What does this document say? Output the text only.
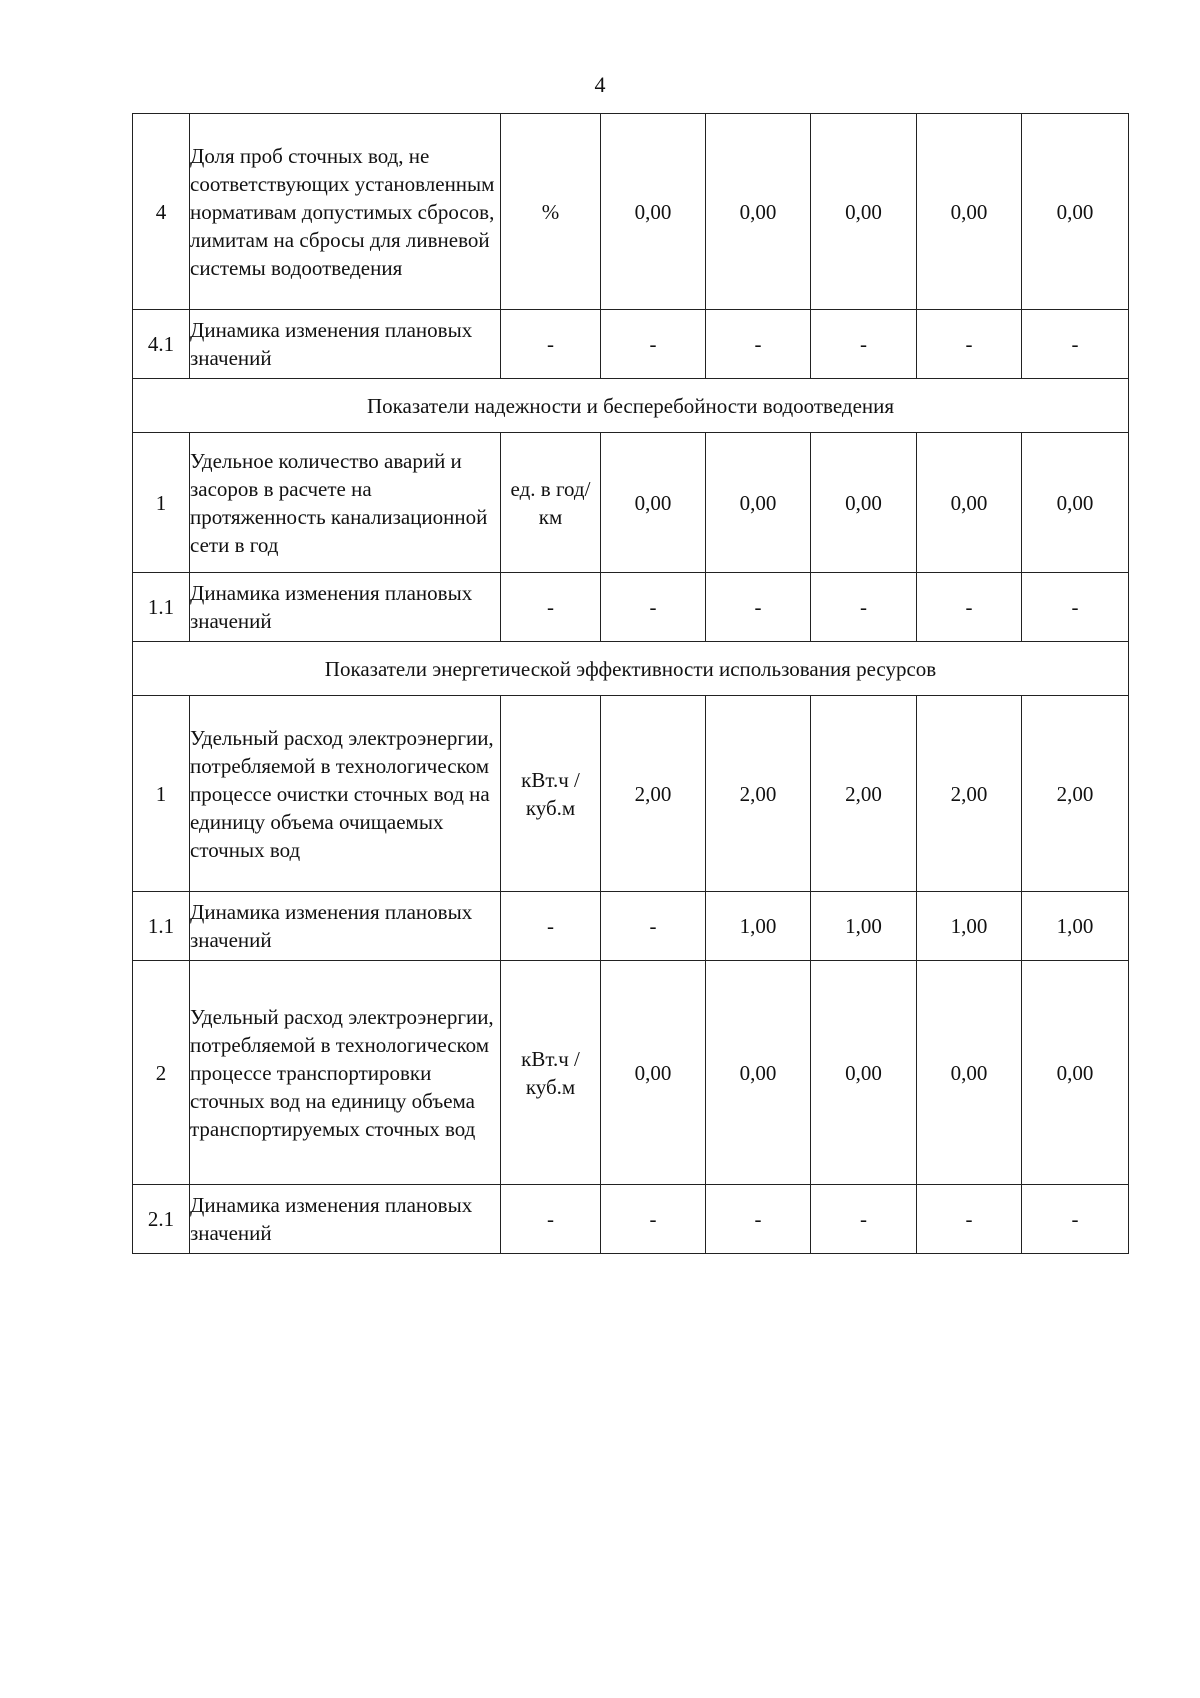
4
4	Доля проб сточных вод, не соответствующих установленным нормативам допустимых сбросов, лимитам на сбросы для ливневой системы водоотведения	%	0,00	0,00	0,00	0,00	0,00
4.1	Динамика изменения плановых значений	-	-	-	-	-	-
Показатели надежности и бесперебойности водоотведения							
1	Удельное количество аварий и засоров в расчете на протяженность канализационной сети в год	ед. в год/ км	0,00	0,00	0,00	0,00	0,00
1.1	Динамика изменения плановых значений	-	-	-	-	-	-
Показатели энергетической эффективности использования ресурсов							
1	Удельный расход электроэнергии, потребляемой в технологическом процессе очистки сточных вод на единицу объема очищаемых сточных вод	кВт.ч / куб.м	2,00	2,00	2,00	2,00	2,00
1.1	Динамика изменения плановых значений	-	-	1,00	1,00	1,00	1,00
2	Удельный расход электроэнергии, потребляемой в технологическом процессе транспортировки сточных вод на единицу объема транспортируемых сточных вод	кВт.ч / куб.м	0,00	0,00	0,00	0,00	0,00
2.1	Динамика изменения плановых значений	-	-	-	-	-	-
